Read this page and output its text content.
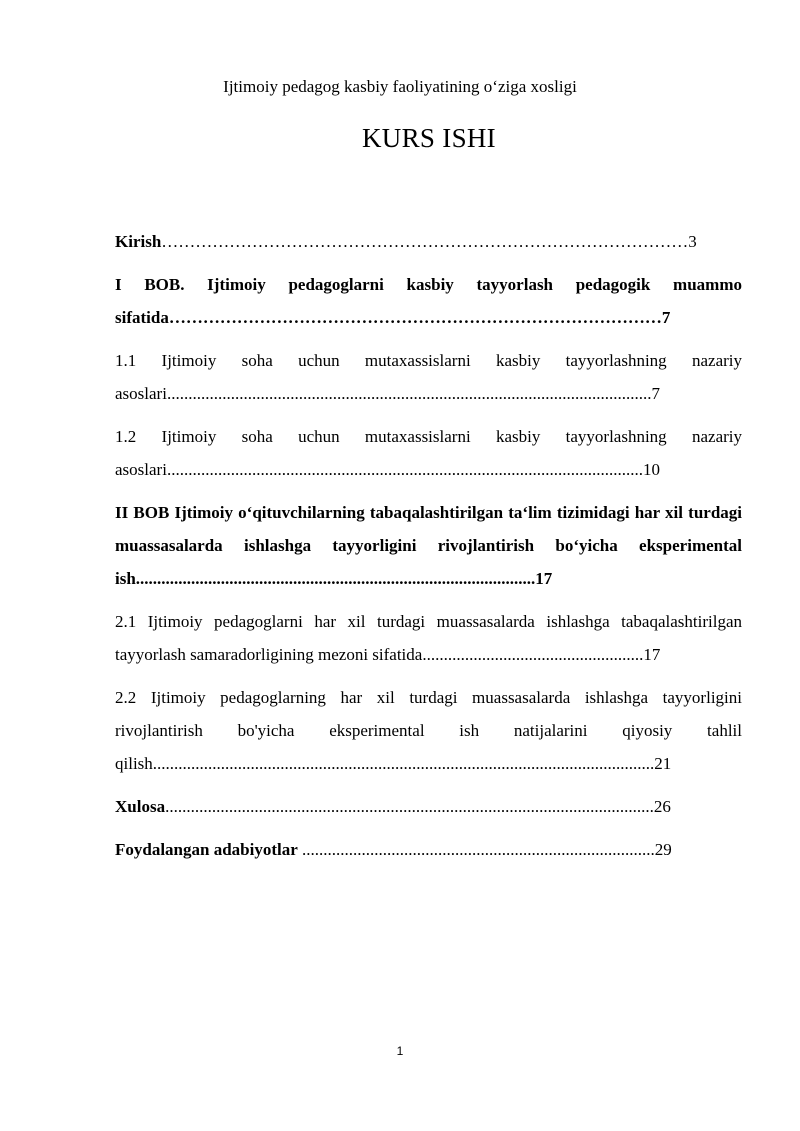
Ijtimoiy pedagog kasbiy faoliyatining o‘ziga xosligi
KURS ISHI
Kirish…………………………………………………………………………………3
I BOB. Ijtimoiy pedagoglarni kasbiy tayyorlash pedagogik muammo sifatida……………………………………………………………………………7
1.1 Ijtimoiy soha uchun mutaxassislarni kasbiy tayyorlashning nazariy asoslari..................................................................................................................7
1.2 Ijtimoiy soha uchun mutaxassislarni kasbiy tayyorlashning nazariy asoslari................................................................................................................10
II BOB Ijtimoiy o‘qituvchilarning tabaqalashtirilgan ta‘lim tizimidagi har xil turdagi muassasalarda ishlashga tayyorligini rivojlantirish bo‘yicha eksperimental ish..............................................................................................17
2.1 Ijtimoiy pedagoglarni har xil turdagi muassasalarda ishlashga tabaqalashtirilgan tayyorlash samaradorligining mezoni sifatida....................................................17
2.2 Ijtimoiy pedagoglarning har xil turdagi muassasalarda ishlashga tayyorligini rivojlantirish bo'yicha eksperimental ish natijalarini qiyosiy tahlil qilish......................................................................................................................21
Xulosa...................................................................................................................26
Foydalangan adabiyotlar ...................................................................................29
1
